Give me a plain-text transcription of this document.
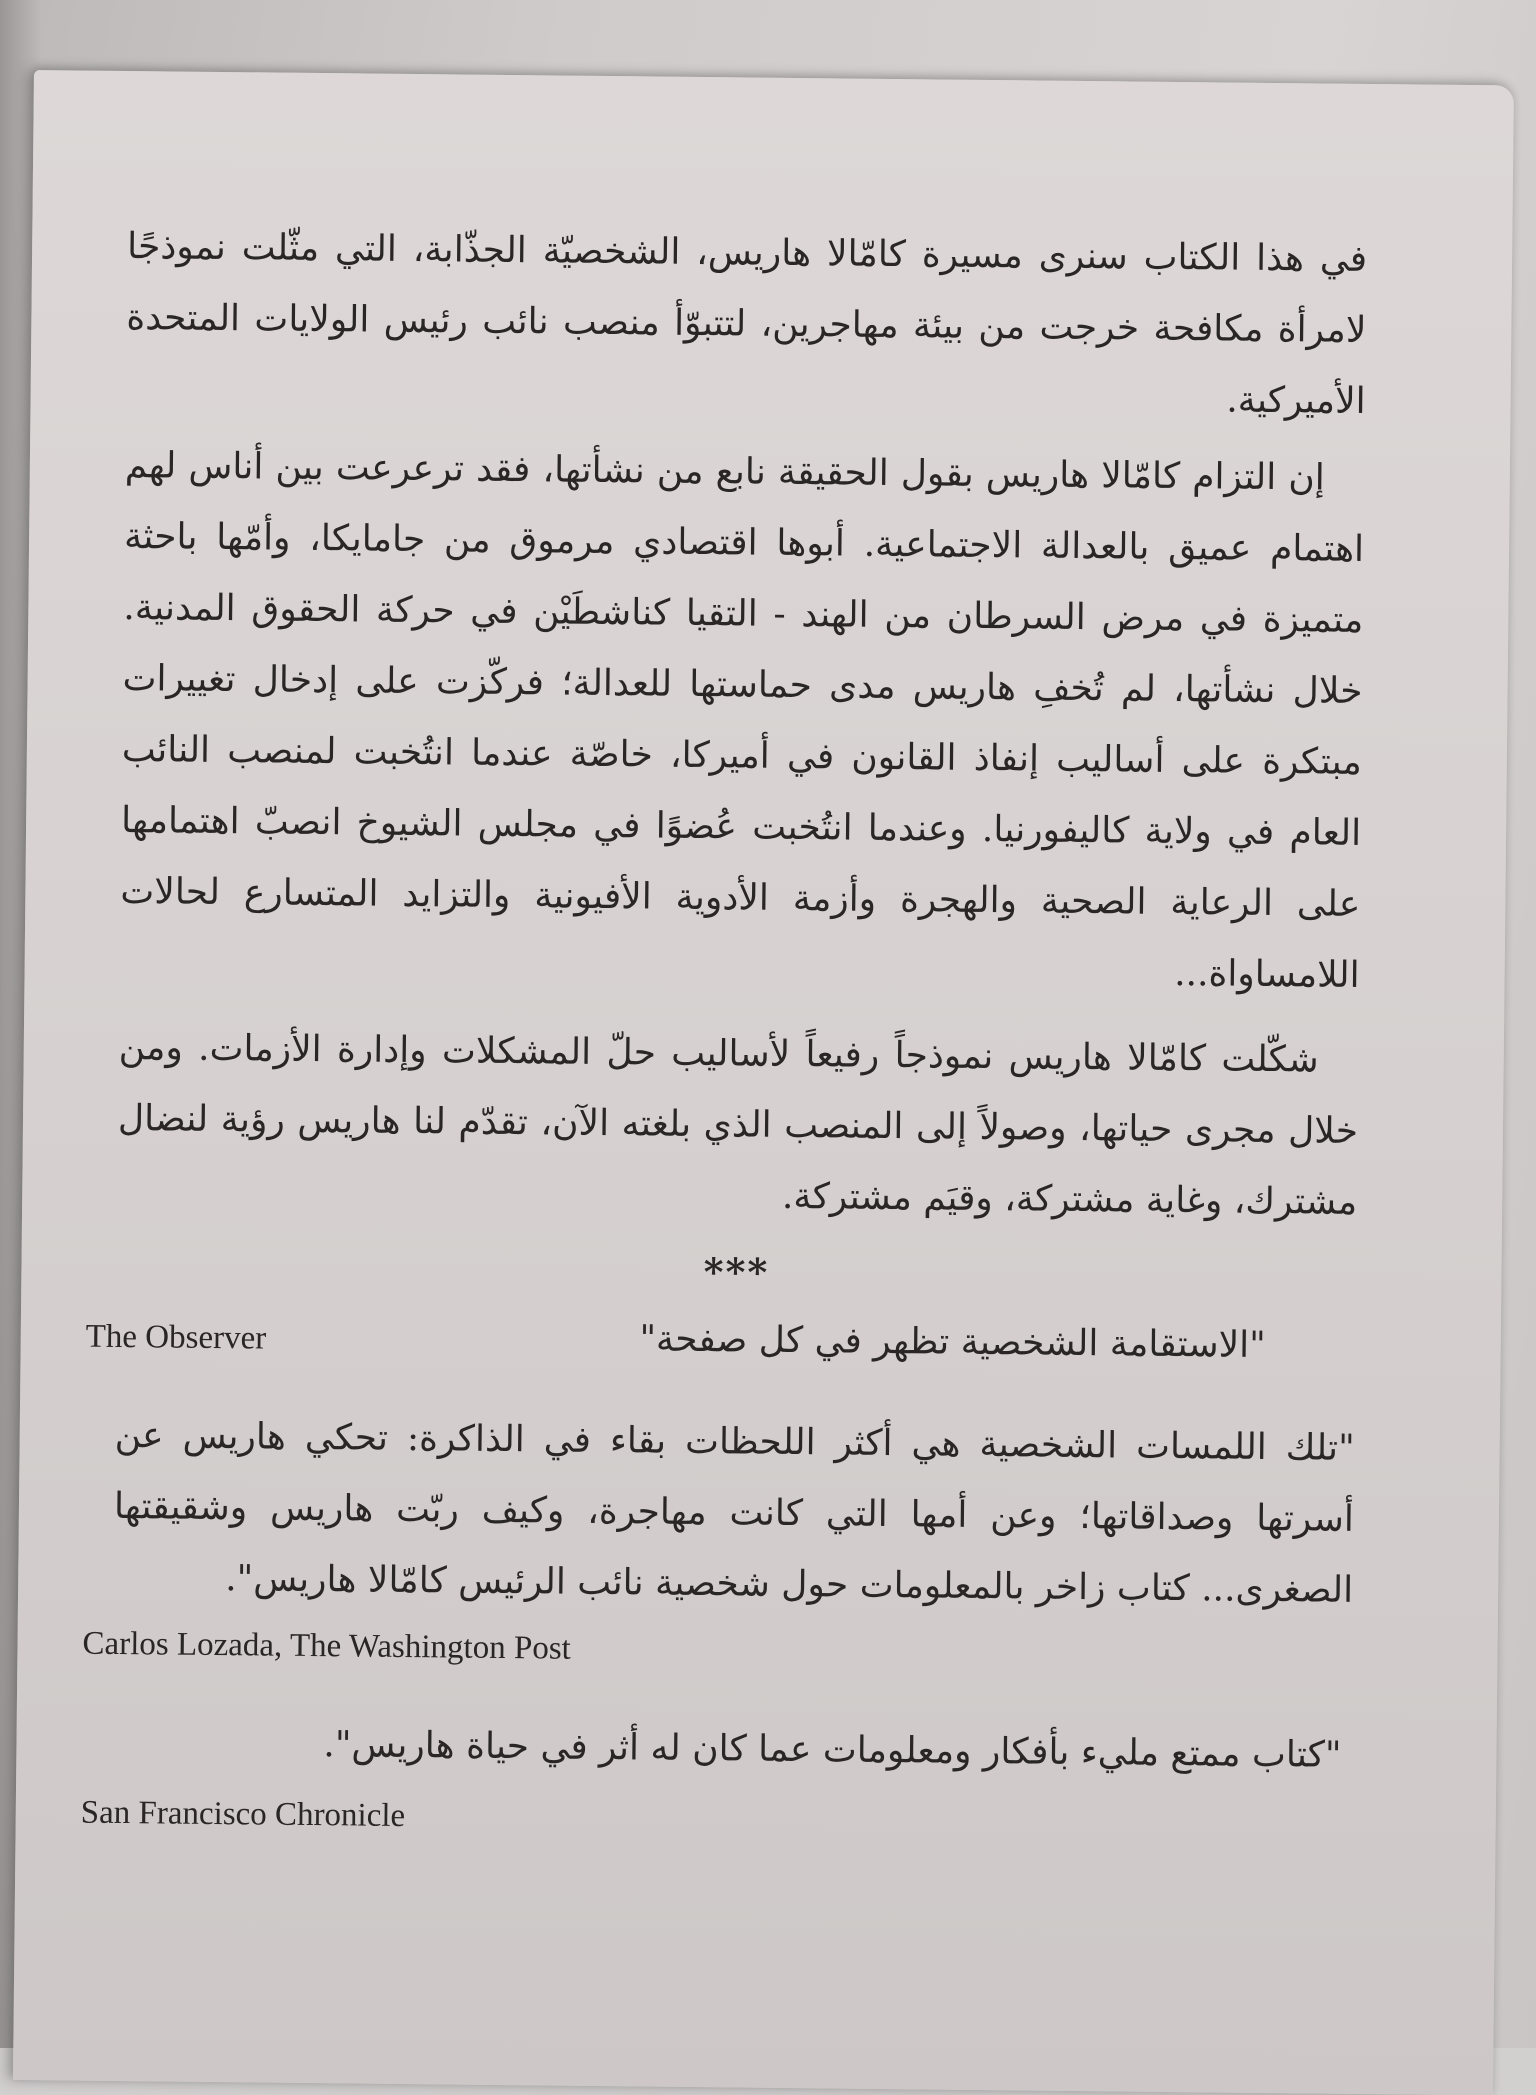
في هذا الكتاب سنرى مسيرة كامّالا هاريس، الشخصيّة الجذّابة، التي مثّلت نموذجًا لامرأة مكافحة خرجت من بيئة مهاجرين، لتتبوّأ منصب نائب رئيس الولايات المتحدة الأميركية.

إن التزام كامّالا هاريس بقول الحقيقة نابع من نشأتها، فقد ترعرعت بين أناس لهم اهتمام عميق بالعدالة الاجتماعية. أبوها اقتصادي مرموق من جامايكا، وأمّها باحثة متميزة في مرض السرطان من الهند - التقيا كناشطَيْن في حركة الحقوق المدنية. خلال نشأتها، لم تُخفِ هاريس مدى حماستها للعدالة؛ فركّزت على إدخال تغييرات مبتكرة على أساليب إنفاذ القانون في أميركا، خاصّة عندما انتُخبت لمنصب النائب العام في ولاية كاليفورنيا. وعندما انتُخبت عُضوًا في مجلس الشيوخ انصبّ اهتمامها على الرعاية الصحية والهجرة وأزمة الأدوية الأفيونية والتزايد المتسارع لحالات اللامساواة...

شكّلت كامّالا هاريس نموذجاً رفيعاً لأساليب حلّ المشكلات وإدارة الأزمات. ومن خلال مجرى حياتها، وصولاً إلى المنصب الذي بلغته الآن، تقدّم لنا هاريس رؤية لنضال مشترك، وغاية مشتركة، وقيَم مشتركة.

***

"الاستقامة الشخصية تظهر في كل صفحة"

The Observer

"تلك اللمسات الشخصية هي أكثر اللحظات بقاء في الذاكرة: تحكي هاريس عن أسرتها وصداقاتها؛ وعن أمها التي كانت مهاجرة، وكيف ربّت هاريس وشقيقتها الصغرى... كتاب زاخر بالمعلومات حول شخصية نائب الرئيس كامّالا هاريس".

Carlos Lozada, The Washington Post

"كتاب ممتع مليء بأفكار ومعلومات عما كان له أثر في حياة هاريس".

San Francisco Chronicle
